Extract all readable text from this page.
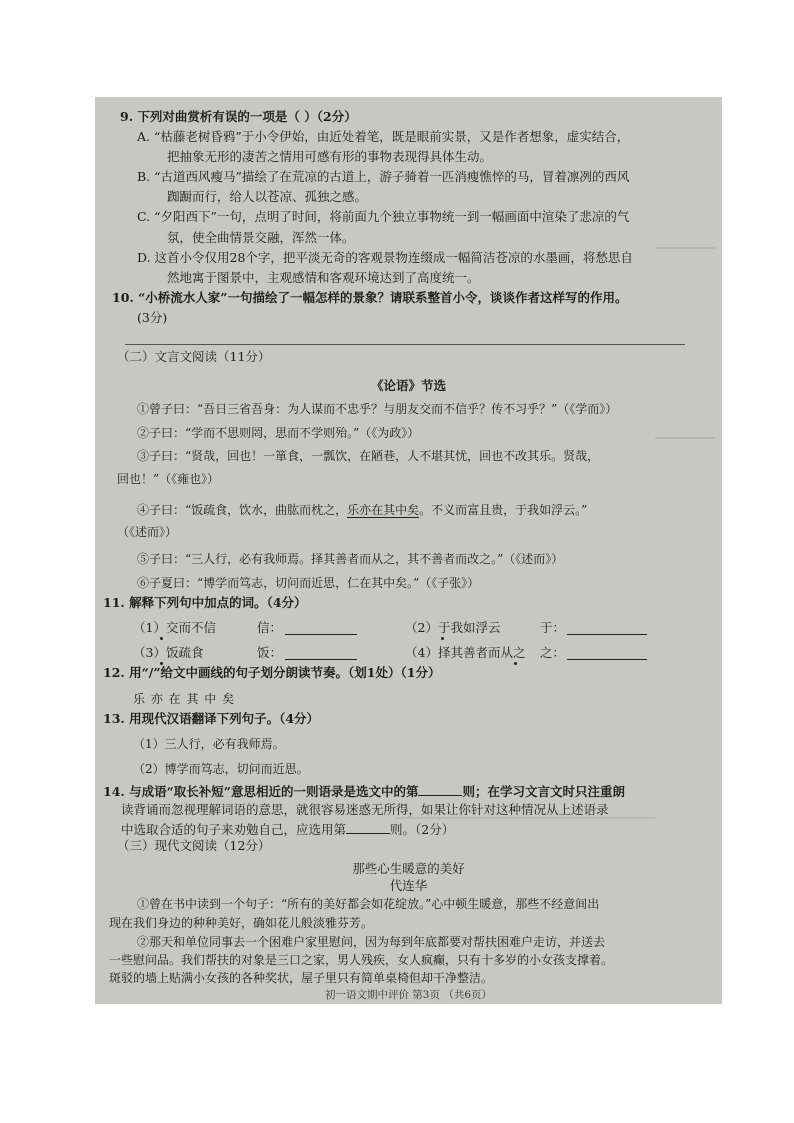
9. 下列对曲赏析有误的一项是（ ）（2分）
A. “枯藤老树昏鸦”于小令伊始，由近处着笔，既是眼前实景，又是作者想象，虚实结合，
把抽象无形的凄苦之情用可感有形的事物表现得具体生动。
B. “古道西风瘦马”描绘了在荒凉的古道上，游子骑着一匹消瘦憔悴的马，冒着凛冽的西风
踟蹰而行，给人以苍凉、孤独之感。
C. “夕阳西下”一句，点明了时间，将前面九个独立事物统一到一幅画面中渲染了悲凉的气
氛，使全曲情景交融，浑然一体。
D. 这首小令仅用28个字，把平淡无奇的客观景物连缀成一幅简洁苍凉的水墨画，将愁思自
然地寓于图景中，主观感情和客观环境达到了高度统一。
10. “小桥流水人家”一句描绘了一幅怎样的景象？请联系整首小令，谈谈作者这样写的作用。
(3分)
（二）文言文阅读（11分）
《论语》节选
①曾子曰：“吾日三省吾身：为人谋而不忠乎？与朋友交而不信乎？传不习乎？”（《学而》）
②子曰：“学而不思则罔，思而不学则殆。”（《为政》）
③子曰：“贤哉，回也！一箪食，一瓢饮，在陋巷，人不堪其忧，回也不改其乐。贤哉，
回也！”（《雍也》）
④子曰：“饭疏食，饮水，曲肱而枕之，乐亦在其中矣。不义而富且贵，于我如浮云。”
（《述而》）
⑤子曰：“三人行，必有我师焉。择其善者而从之，其不善者而改之。”（《述而》）
⑥子夏曰：“博学而笃志，切问而近思，仁在其中矣。”（《子张》）
11. 解释下列句中加点的词。（4分）
（1）交而不信	信：	（2）于我如浮云	于：
（3）饭疏食	饭：	（4）择其善者而从之 之：
12. 用“/”给文中画线的句子划分朗读节奏。（划1处）（1分）
乐 亦 在 其 中 矣
13. 用现代汉语翻译下列句子。（4分）
（1）三人行，必有我师焉。
（2）博学而笃志，切问而近思。
14. 与成语“取长补短”意思相近的一则语录是选文中的第	则；在学习文言文时只注重朗
读背诵而忽视理解词语的意思，就很容易迷惑无所得，如果让你针对这种情况从上述语录
中选取合适的句子来劝勉自己，应选用第	则。（2分）
（三）现代文阅读（12分）
那些心生暖意的美好
代连华
①曾在书中读到一个句子：“所有的美好都会如花绽放。”心中顿生暖意，那些不经意间出
现在我们身边的种种美好，确如花儿般淡雅芬芳。
②那天和单位同事去一个困难户家里慰问，因为每到年底都要对帮扶困难户走访，并送去
一些慰问品。我们帮扶的对象是三口之家，男人残疾，女人疯癫，只有十多岁的小女孩支撑着。
斑驳的墙上贴满小女孩的各种奖状，屋子里只有简单桌椅但却干净整洁。
初一语文期中评价 第3页 （共6页）
